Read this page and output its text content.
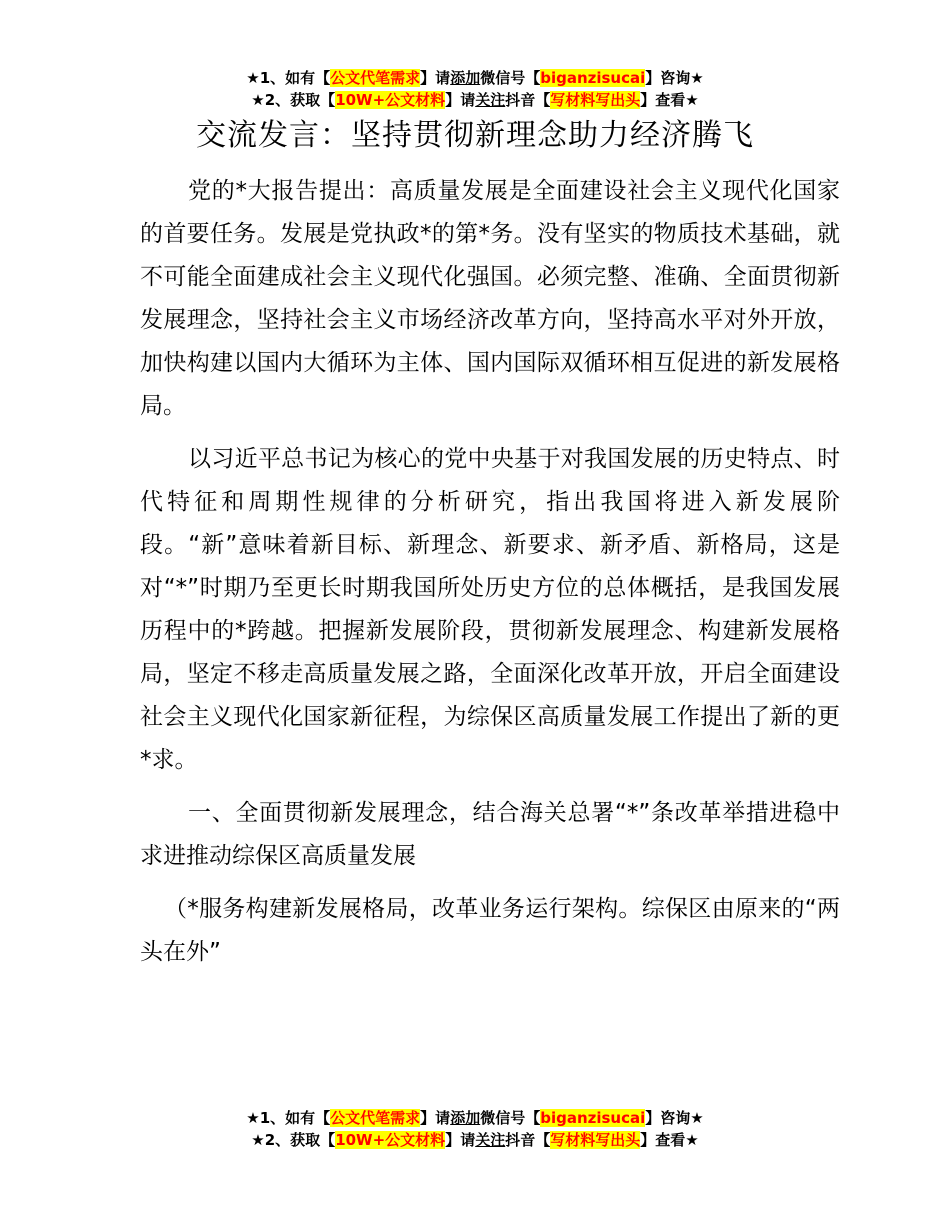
★1、如有【公文代笔需求】请添加微信号【biganzisucai】咨询★
★2、获取【10W+公文材料】请关注抖音【写材料写出头】查看★
交流发言：坚持贯彻新理念助力经济腾飞

党的*大报告提出：高质量发展是全面建设社会主义现代化国家的首要任务。发展是党执政*的第*务。没有坚实的物质技术基础，就不可能全面建成社会主义现代化强国。必须完整、准确、全面贯彻新发展理念，坚持社会主义市场经济改革方向，坚持高水平对外开放，加快构建以国内大循环为主体、国内国际双循环相互促进的新发展格局。

以习近平总书记为核心的党中央基于对我国发展的历史特点、时代特征和周期性规律的分析研究，指出我国将进入新发展阶段。“新”意味着新目标、新理念、新要求、新矛盾、新格局，这是对“*”时期乃至更长时期我国所处历史方位的总体概括，是我国发展历程中的*跨越。把握新发展阶段，贯彻新发展理念、构建新发展格局，坚定不移走高质量发展之路，全面深化改革开放，开启全面建设社会主义现代化国家新征程，为综保区高质量发展工作提出了新的更*求。

一、全面贯彻新发展理念，结合海关总署“*”条改革举措进稳中求进推动综保区高质量发展

（*服务构建新发展格局，改革业务运行架构。综保区由原来的“两头在外”

★1、如有【公文代笔需求】请添加微信号【biganzisucai】咨询★
★2、获取【10W+公文材料】请关注抖音【写材料写出头】查看★
